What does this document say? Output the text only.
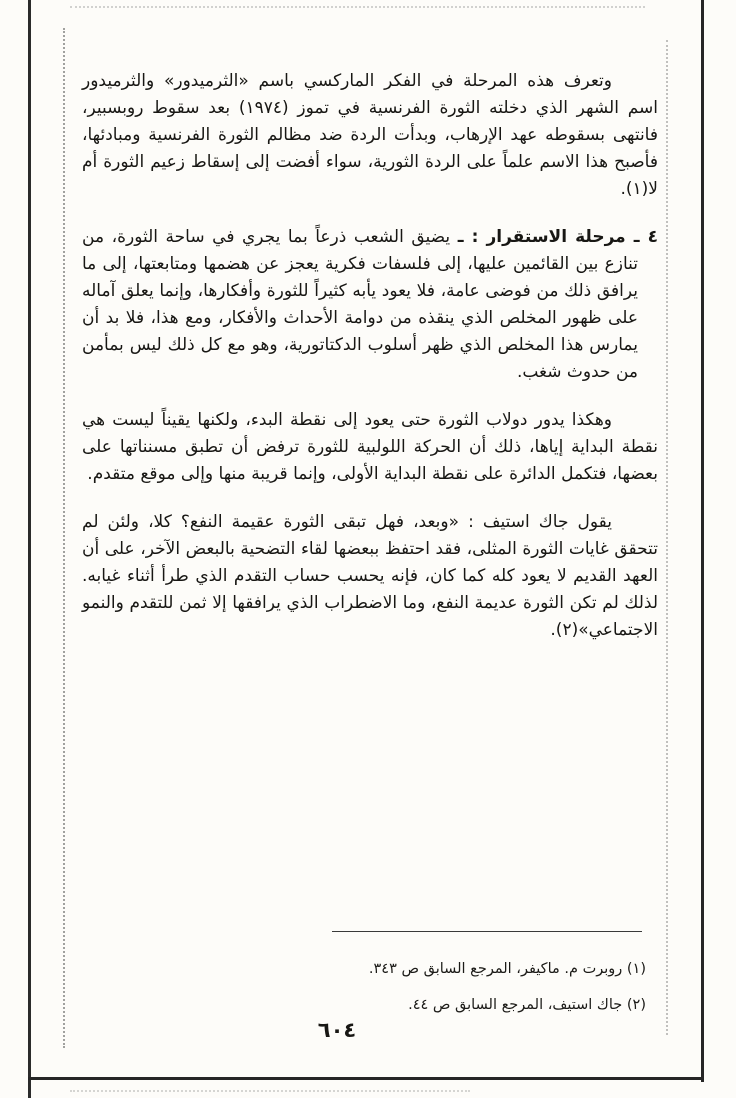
وتعرف هذه المرحلة في الفكر الماركسي باسم «الثرميدور» والثرميدور اسم الشهر الذي دخلته الثورة الفرنسية في تموز (١٩٧٤) بعد سقوط روبسبير، فانتهى بسقوطه عهد الإرهاب، وبدأت الردة ضد مظالم الثورة الفرنسية ومبادئها، فأصبح هذا الاسم علماً على الردة الثورية، سواء أفضت إلى إسقاط زعيم الثورة أم لا(١).

٤ ـ مرحلة الاستقرار : ـ يضيق الشعب ذرعاً بما يجري في ساحة الثورة، من تنازع بين القائمين عليها، إلى فلسفات فكرية يعجز عن هضمها ومتابعتها، إلى ما يرافق ذلك من فوضى عامة، فلا يعود يأبه كثيراً للثورة وأفكارها، وإنما يعلق آماله على ظهور المخلص الذي ينقذه من دوامة الأحداث والأفكار، ومع هذا، فلا بد أن يمارس هذا المخلص الذي ظهر أسلوب الدكتاتورية، وهو مع كل ذلك ليس بمأمن من حدوث شغب.

وهكذا يدور دولاب الثورة حتى يعود إلى نقطة البدء، ولكنها يقيناً ليست هي نقطة البداية إياها، ذلك أن الحركة اللولبية للثورة ترفض أن تطبق مسنناتها على بعضها، فتكمل الدائرة على نقطة البداية الأولى، وإنما قريبة منها وإلى موقع متقدم.

يقول جاك استيف : «وبعد، فهل تبقى الثورة عقيمة النفع؟ كلا، ولئن لم تتحقق غايات الثورة المثلى، فقد احتفظ ببعضها لقاء التضحية بالبعض الآخر، على أن العهد القديم لا يعود كله كما كان، فإنه يحسب حساب التقدم الذي طرأ أثناء غيابه. لذلك لم تكن الثورة عديمة النفع، وما الاضطراب الذي يرافقها إلا ثمن للتقدم والنمو الاجتماعي»(٢).

(١) روبرت م. ماكيفر، المرجع السابق ص ٣٤٣.

(٢) جاك استيف، المرجع السابق ص ٤٤.

٦٠٤
